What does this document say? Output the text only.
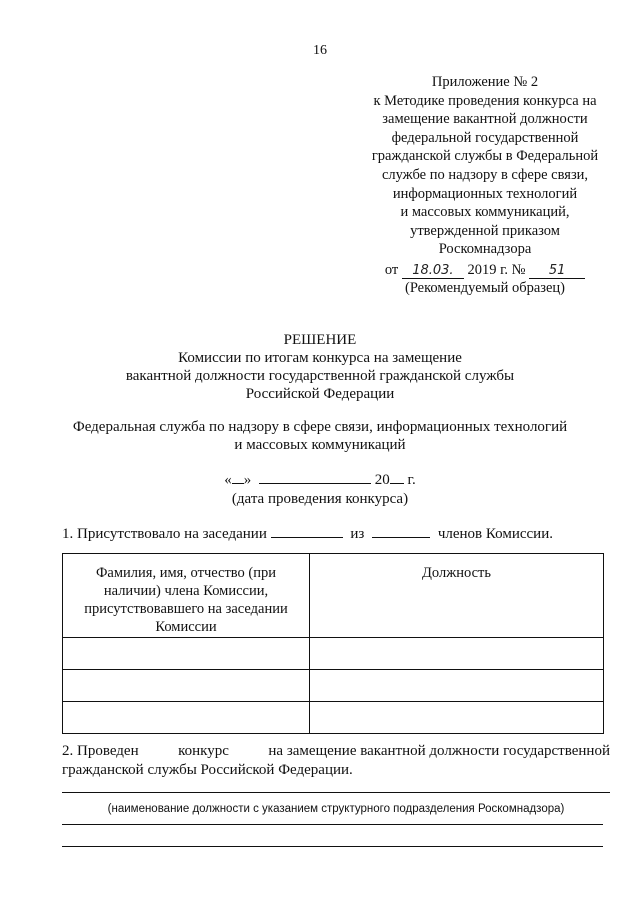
16
Приложение № 2
к Методике проведения конкурса на
замещение вакантной должности
федеральной государственной
гражданской службы в Федеральной
службе по надзору в сфере связи,
информационных технологий
и массовых коммуникаций,
утвержденной приказом
Роскомнадзора
от 18.03. 2019 г. № 51
(Рекомендуемый образец)
РЕШЕНИЕ
Комиссии по итогам конкурса на замещение
вакантной должности государственной гражданской службы
Российской Федерации
Федеральная служба по надзору в сфере связи, информационных технологий
и массовых коммуникаций
« »	20 г.
(дата проведения конкурса)
1. Присутствовало на заседании	из	членов Комиссии.
Фамилия, имя, отчество (при наличии) члена Комиссии, присутствовавшего на заседании Комиссии	Должность

2. Проведен	конкурс	на замещение вакантной должности государственной
гражданской службы Российской Федерации.
(наименование должности с указанием структурного подразделения Роскомнадзора)
